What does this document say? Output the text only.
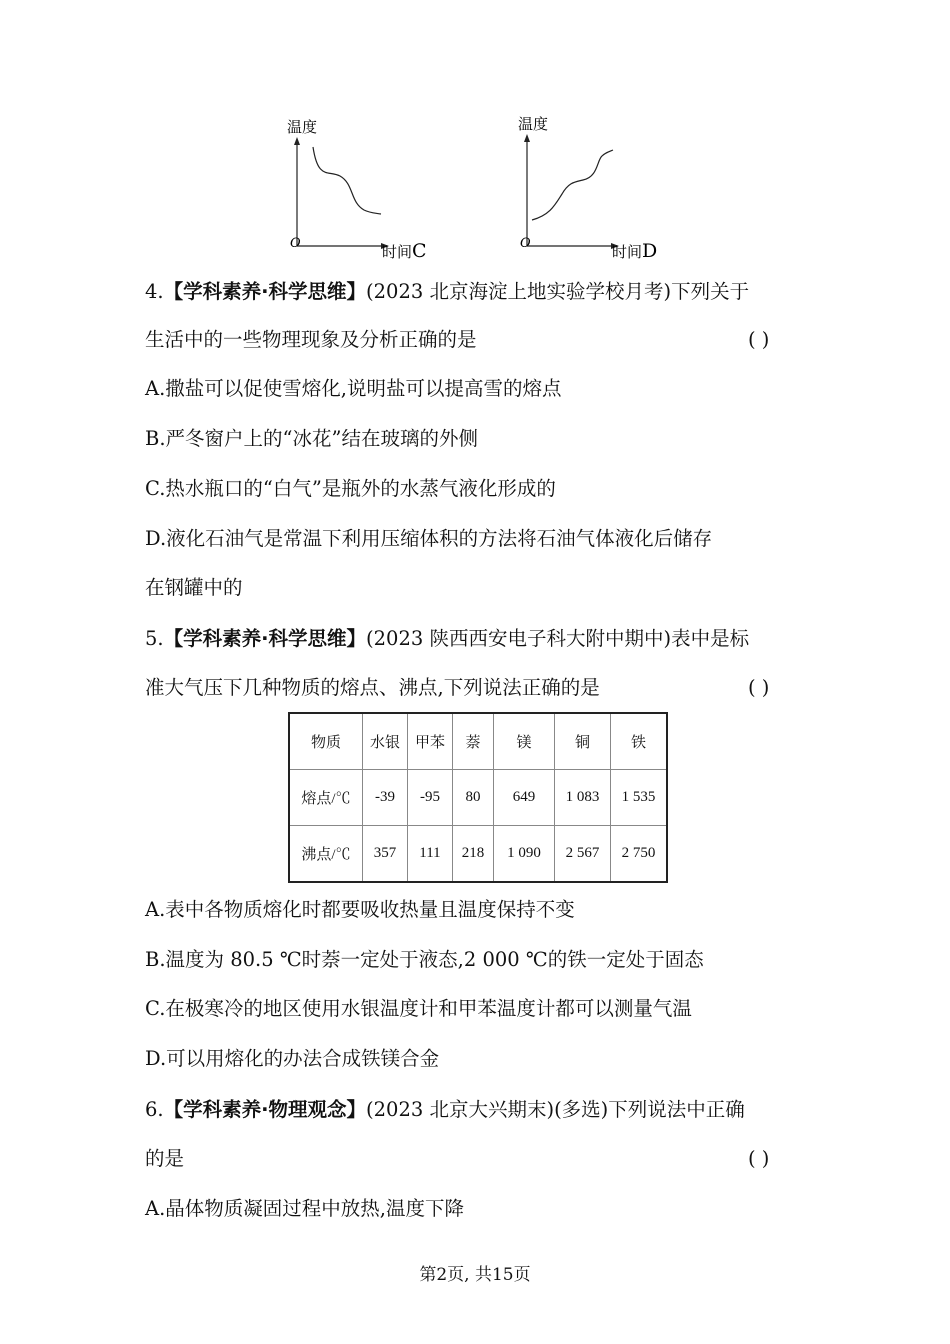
温度
O	时间C
温度
O	时间D
4.【学科素养·科学思维】(2023 北京海淀上地实验学校月考)下列关于
生活中的一些物理现象及分析正确的是	( )
A.撒盐可以促使雪熔化,说明盐可以提高雪的熔点
B.严冬窗户上的“冰花”结在玻璃的外侧
C.热水瓶口的“白气”是瓶外的水蒸气液化形成的
D.液化石油气是常温下利用压缩体积的方法将石油气体液化后储存
在钢罐中的
5.【学科素养·科学思维】(2023 陕西西安电子科大附中期中)表中是标
准大气压下几种物质的熔点、沸点,下列说法正确的是	( )
物质	水银	甲苯	萘	镁	铜	铁
熔点/℃	-39	-95	80	649	1 083	1 535
沸点/℃	357	111	218	1 090	2 567	2 750
A.表中各物质熔化时都要吸收热量且温度保持不变
B.温度为 80.5 ℃时萘一定处于液态,2 000 ℃的铁一定处于固态
C.在极寒冷的地区使用水银温度计和甲苯温度计都可以测量气温
D.可以用熔化的办法合成铁镁合金
6.【学科素养·物理观念】(2023 北京大兴期末)(多选)下列说法中正确
的是	( )
A.晶体物质凝固过程中放热,温度下降
第2页, 共15页
